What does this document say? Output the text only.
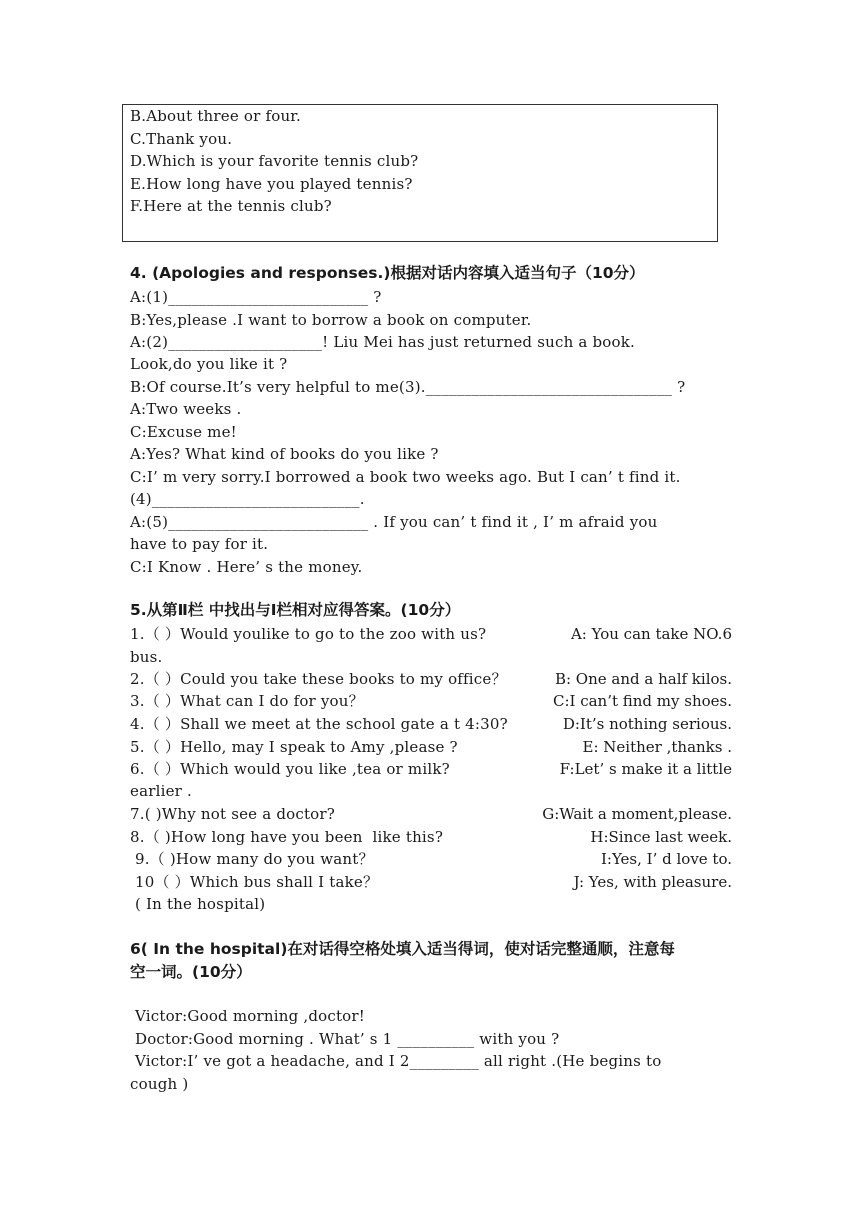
B.About three or four.
C.Thank you.
D.Which is your favorite tennis club?
E.How long have you played tennis?
F.Here at the tennis club?
4. (Apologies and responses.)根据对话内容填入适当句子（10分）
A:(1)__________________________ ?
B:Yes,please .I want to borrow a book on computer.
A:(2)____________________! Liu Mei has just returned such a book.
Look,do you like it ?
B:Of course.It’s very helpful to me(3).________________________________ ?
A:Two weeks .
C:Excuse me!
A:Yes? What kind of books do you like ?
C:I’ m very sorry.I borrowed a book two weeks ago. But I can’ t find it.
(4)___________________________.
A:(5)__________________________ . If you can’ t find it , I’ m afraid you
have to pay for it.
C:I Know . Here’ s the money.
5.从第Ⅱ栏 中找出与Ⅰ栏相对应得答案。(10分）
1.（ ）Would youlike to go to the zoo with us?	A: You can take NO.6
bus.
2.（ ）Could you take these books to my office？	B: One and a half kilos.
3.（ ）What can I do for you？	C:I can’t find my shoes.
4.（ ）Shall we meet at the school gate a t 4:30?	D:It’s nothing serious.
5.（ ）Hello, may I speak to Amy ,please ?	E: Neither ,thanks .
6.（ ）Which would you like ,tea or milk?	F:Let’ s make it a little
earlier .
7.( )Why not see a doctor?	G:Wait a moment,please.
8.（ )How long have you been  like this?	H:Since last week.
9.（ )How many do you want？	I:Yes, I’ d love to.
10（ ）Which bus shall I take？	J: Yes, with pleasure.
( In the hospital)
6( In the hospital)在对话得空格处填入适当得词，使对话完整通顺，注意每
空一词。(10分）
Victor:Good morning ,doctor!
Doctor:Good morning . What’ s 1 __________ with you ?
Victor:I’ ve got a headache, and I 2_________ all right .(He begins to
cough )
